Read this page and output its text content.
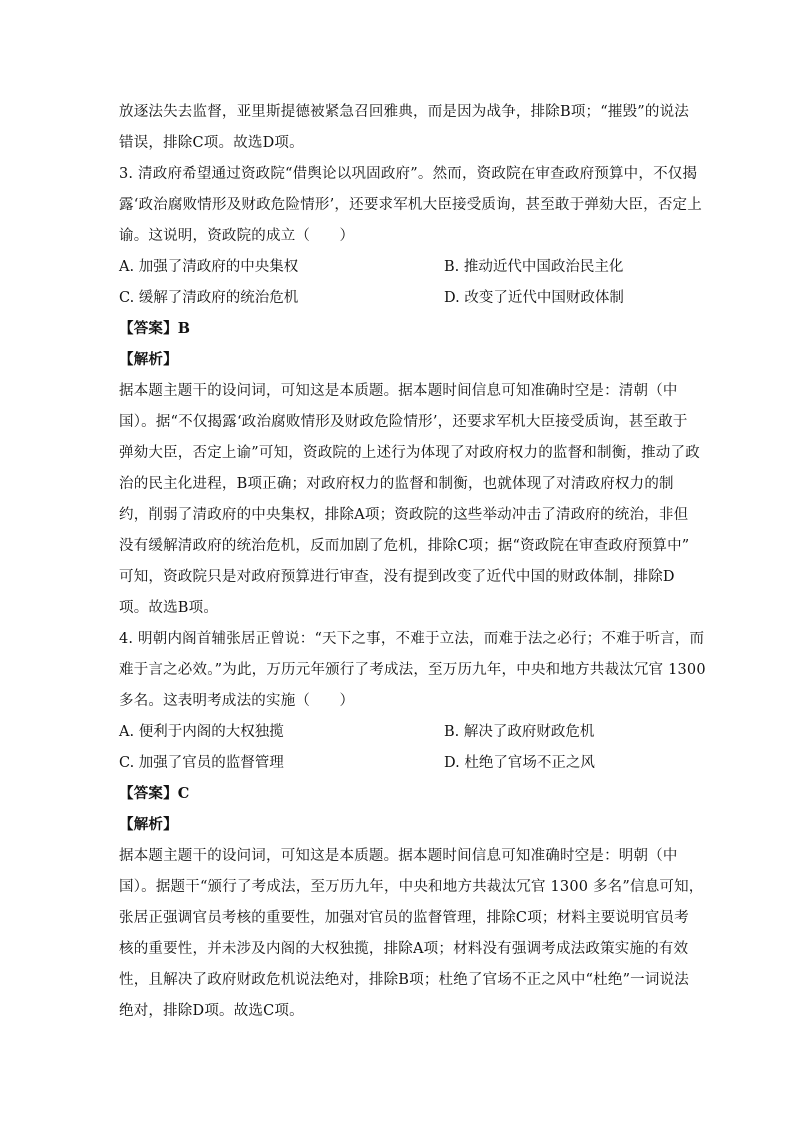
放逐法失去监督，亚里斯提德被紧急召回雅典，而是因为战争，排除B项；“摧毁”的说法
错误，排除C项。故选D项。
3. 清政府希望通过资政院“借舆论以巩固政府”。然而，资政院在审查政府预算中，不仅揭
露‘政治腐败情形及财政危险情形’，还要求军机大臣接受质询，甚至敢于弹劾大臣，否定上
谕。这说明，资政院的成立（　　）
A. 加强了清政府的中央集权	B. 推动近代中国政治民主化
C. 缓解了清政府的统治危机	D. 改变了近代中国财政体制
【答案】B
【解析】
据本题主题干的设问词，可知这是本质题。据本题时间信息可知准确时空是：清朝（中
国）。据“不仅揭露‘政治腐败情形及财政危险情形’，还要求军机大臣接受质询，甚至敢于
弹劾大臣，否定上谕”可知，资政院的上述行为体现了对政府权力的监督和制衡，推动了政
治的民主化进程，B项正确；对政府权力的监督和制衡，也就体现了对清政府权力的制
约，削弱了清政府的中央集权，排除A项；资政院的这些举动冲击了清政府的统治，非但
没有缓解清政府的统治危机，反而加剧了危机，排除C项；据“资政院在审查政府预算中”
可知，资政院只是对政府预算进行审查，没有提到改变了近代中国的财政体制，排除D
项。故选B项。
4. 明朝内阁首辅张居正曾说：“天下之事，不难于立法，而难于法之必行；不难于听言，而
难于言之必效。”为此，万历元年颁行了考成法，至万历九年，中央和地方共裁汰冗官 1300
多名。这表明考成法的实施（　　）
A. 便利于内阁的大权独揽	B. 解决了政府财政危机
C. 加强了官员的监督管理	D. 杜绝了官场不正之风
【答案】C
【解析】
据本题主题干的设问词，可知这是本质题。据本题时间信息可知准确时空是：明朝（中
国）。据题干“颁行了考成法，至万历九年，中央和地方共裁汰冗官 1300 多名”信息可知，
张居正强调官员考核的重要性，加强对官员的监督管理，排除C项；材料主要说明官员考
核的重要性，并未涉及内阁的大权独揽，排除A项；材料没有强调考成法政策实施的有效
性，且解决了政府财政危机说法绝对，排除B项；杜绝了官场不正之风中“杜绝”一词说法
绝对，排除D项。故选C项。
